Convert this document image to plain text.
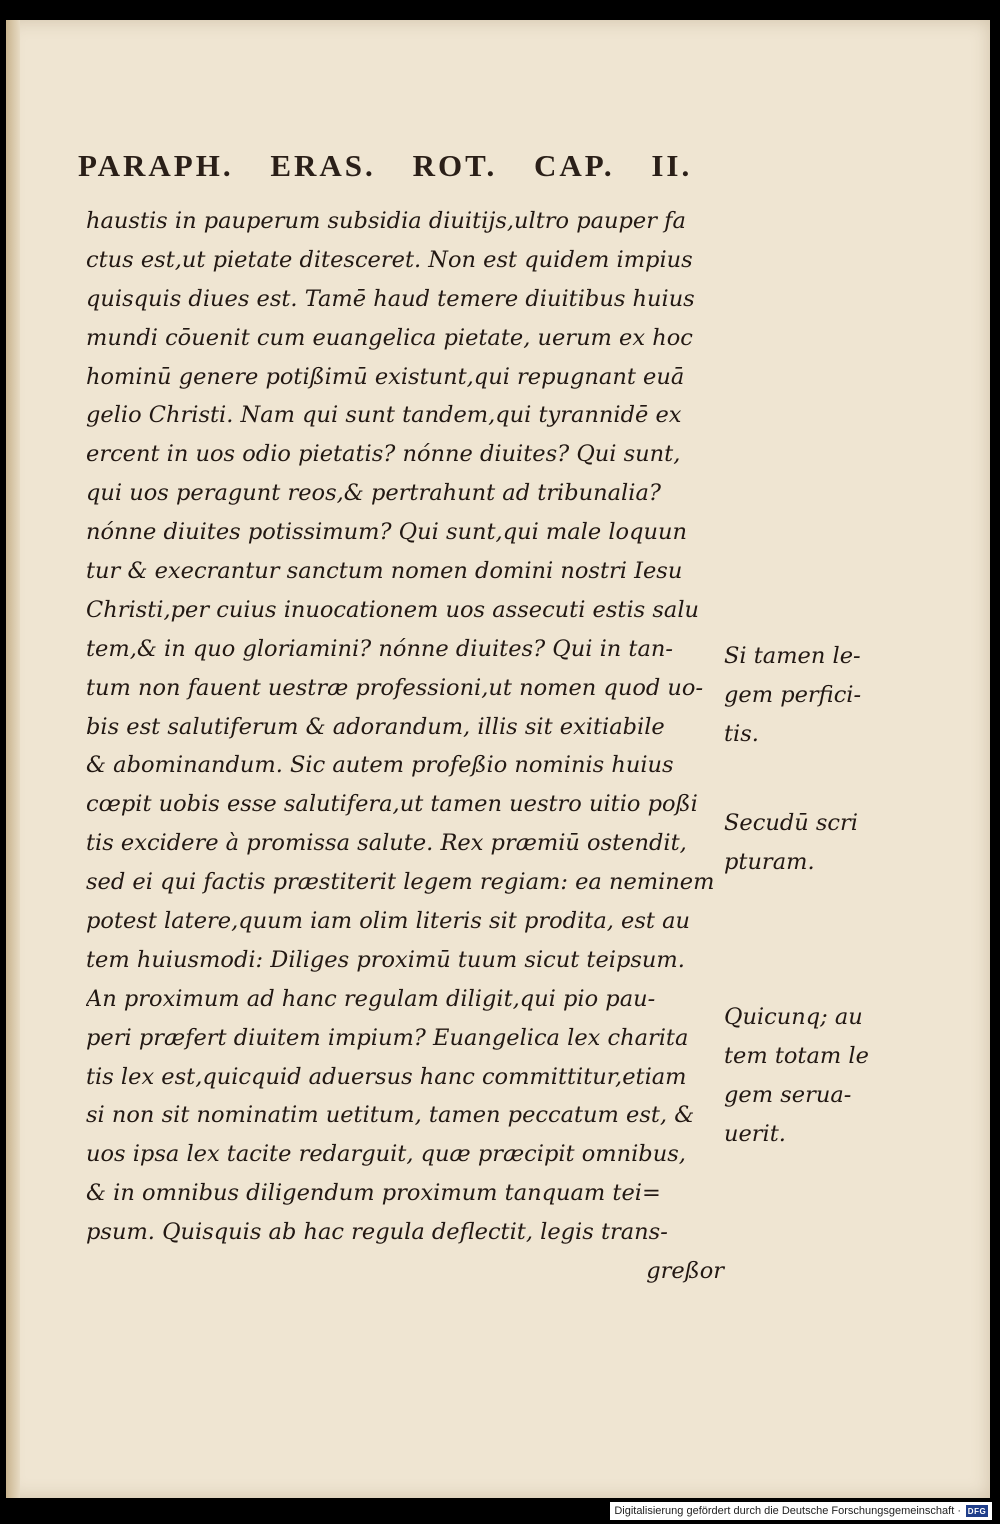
PARAPH. ERAS. ROT. CAP. II.
haustis in pauperum subsidia diuitijs,ultro pauper fa
ctus est,ut pietate ditesceret. Non est quidem impius
quisquis diues est. Tamē haud temere diuitibus huius
mundi cōuenit cum euangelica pietate, uerum ex hoc
hominū genere potißimū existunt,qui repugnant euā
gelio Christi. Nam qui sunt tandem,qui tyrannidē ex
ercent in uos odio pietatis? nónne diuites? Qui sunt,
qui uos peragunt reos,& pertrahunt ad tribunalia?
nónne diuites potissimum? Qui sunt,qui male loquun
tur & execrantur sanctum nomen domini nostri Iesu
Christi,per cuius inuocationem uos assecuti estis salu
tem,& in quo gloriamini? nónne diuites? Qui in tan-
tum non fauent uestræ professioni,ut nomen quod uo-
bis est salutiferum & adorandum, illis sit exitiabile
& abominandum. Sic autem profeßio nominis huius
cœpit uobis esse salutifera,ut tamen uestro uitio poßi
tis excidere à promissa salute. Rex præmiū ostendit,
sed ei qui factis præstiterit legem regiam: ea neminem
potest latere,quum iam olim literis sit prodita, est au
tem huiusmodi: Diliges proximū tuum sicut teipsum.
An proximum ad hanc regulam diligit,qui pio pau-
peri præfert diuitem impium? Euangelica lex charita
tis lex est,quicquid aduersus hanc committitur,etiam
si non sit nominatim uetitum, tamen peccatum est, &
uos ipsa lex tacite redarguit, quæ præcipit omnibus,
& in omnibus diligendum proximum tanquam tei=
psum. Quisquis ab hac regula deflectit, legis trans-
greßor
Si tamen le-
gem perfici-
tis.
Secudū scri
pturam.
Quicunq; au
tem totam le
gem serua-
uerit.
Digitalisierung gefördert durch die Deutsche Forschungsgemeinschaft · DFG
